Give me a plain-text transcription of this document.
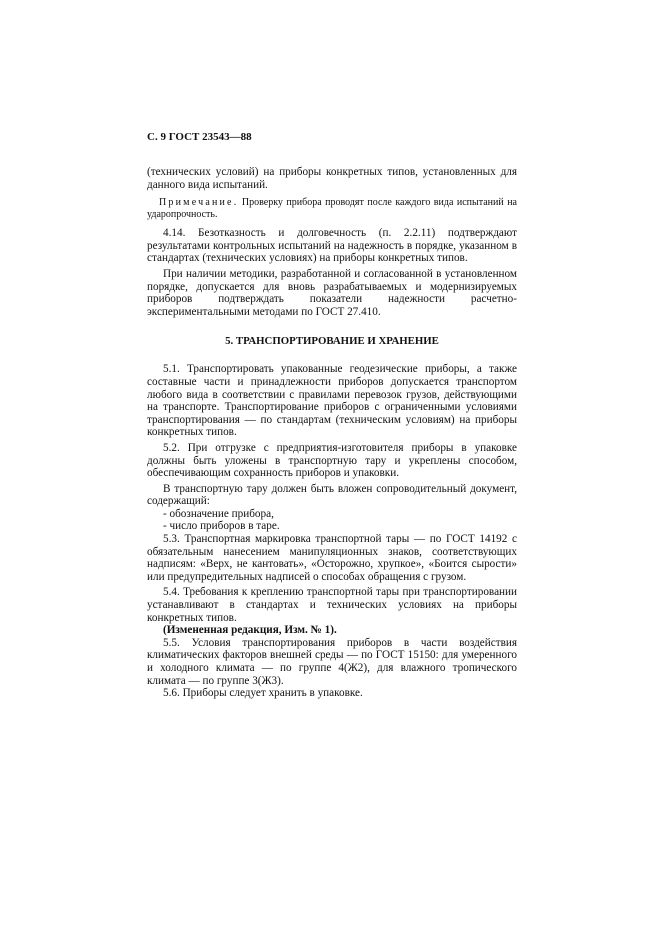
С. 9 ГОСТ 23543—88

(технических условий) на приборы конкретных типов, установленных для данного вида испытаний.

Примечание. Проверку прибора проводят после каждого вида испытаний на ударопрочность.

4.14. Безотказность и долговечность (п. 2.2.11) подтверждают результатами контрольных испытаний на надежность в порядке, указанном в стандартах (технических условиях) на приборы конкретных типов.

При наличии методики, разработанной и согласованной в установленном порядке, допускается для вновь разрабатываемых и модернизируемых приборов подтверждать показатели надежности расчетно-экспериментальными методами по ГОСТ 27.410.

5. ТРАНСПОРТИРОВАНИЕ И ХРАНЕНИЕ

5.1. Транспортировать упакованные геодезические приборы, а также составные части и принадлежности приборов допускается транспортом любого вида в соответствии с правилами перевозок грузов, действующими на транспорте. Транспортирование приборов с ограниченными условиями транспортирования — по стандартам (техническим условиям) на приборы конкретных типов.

5.2. При отгрузке с предприятия-изготовителя приборы в упаковке должны быть уложены в транспортную тару и укреплены способом, обеспечивающим сохранность приборов и упаковки.

В транспортную тару должен быть вложен сопроводительный документ, содержащий:

- обозначение прибора,

- число приборов в таре.

5.3. Транспортная маркировка транспортной тары — по ГОСТ 14192 с обязательным нанесением манипуляционных знаков, соответствующих надписям: «Верх, не кантовать», «Осторожно, хрупкое», «Боится сырости» или предупредительных надписей о способах обращения с грузом.

5.4. Требования к креплению транспортной тары при транспортировании устанавливают в стандартах и технических условиях на приборы конкретных типов.

(Измененная редакция, Изм. № 1).

5.5. Условия транспортирования приборов в части воздействия климатических факторов внешней среды — по ГОСТ 15150: для умеренного и холодного климата — по группе 4(Ж2), для влажного тропического климата — по группе 3(Ж3).

5.6. Приборы следует хранить в упаковке.
